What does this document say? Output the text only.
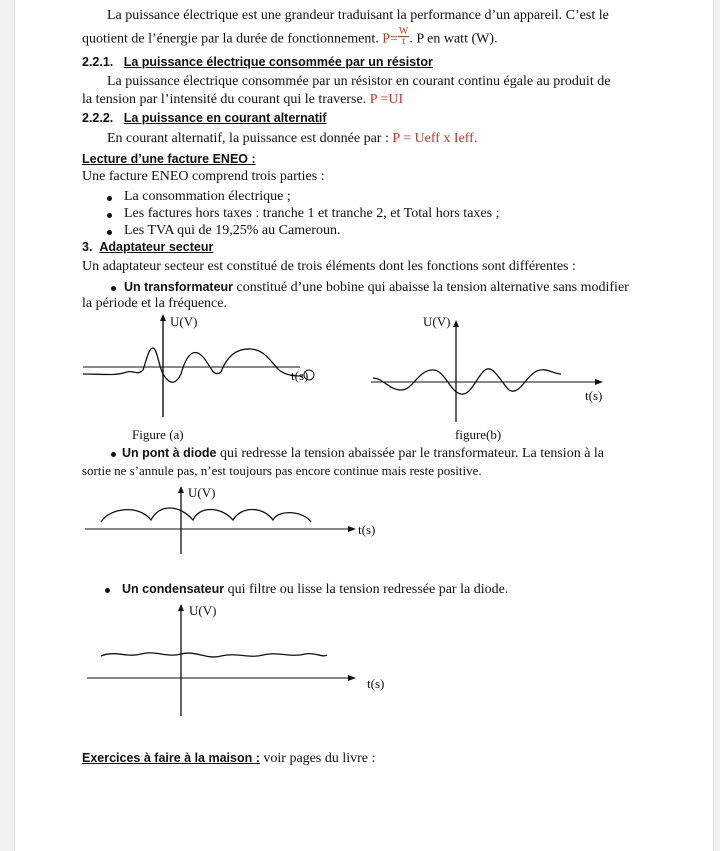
La puissance électrique est une grandeur traduisant la performance d’un appareil. C’est le
quotient de l’énergie par la durée de fonctionnement. $P= \frac{W}{t}$ . P en watt (W).
2.2.1. La puissance électrique consommée par un résistor
La puissance électrique consommée par un résistor en courant continu égale au produit de
la tension par l’intensité du courant qui le traverse. P =UI
2.2.2. La puissance en courant alternatif
En courant alternatif, la puissance est donnée par : P = Ueff x Ieff.
Lecture d’une facture ENEO :
Une facture ENEO comprend trois parties :
La consommation électrique ;
Les factures hors taxes : tranche 1 et tranche 2, et Total hors taxes ;
Les TVA qui de 19,25% au Cameroun.
3. Adaptateur secteur
Un adaptateur secteur est constitué de trois éléments dont les fonctions sont différentes :
Un transformateur constitué d’une bobine qui abaisse la tension alternative sans modifier
la période et la fréquence.
U(V)
t(s)
Figure (a)
U(V)
t(s)
figure(b)
Un pont à diode qui redresse la tension abaissée par le transformateur. La tension à la
sortie ne s’annule pas, n’est toujours pas encore continue mais reste positive.
U(V)
t(s)
Un condensateur qui filtre ou lisse la tension redressée par la diode.
U(V)
t(s)
Exercices à faire à la maison : voir pages du livre :
